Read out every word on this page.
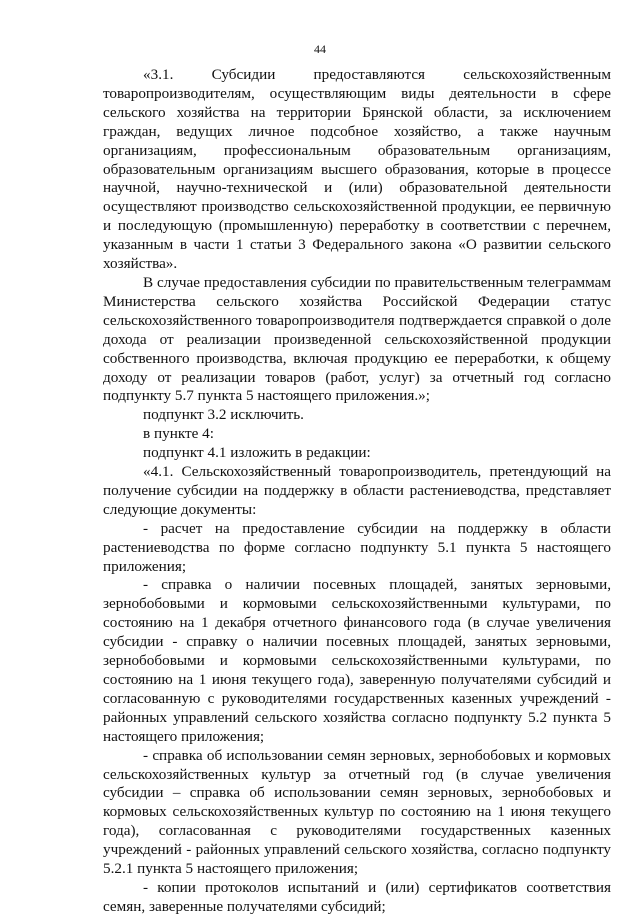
44

«3.1. Субсидии предоставляются сельскохозяйственным товаропроизводителям, осуществляющим виды деятельности в сфере сельского хозяйства на территории Брянской области, за исключением граждан, ведущих личное подсобное хозяйство, а также научным организациям, профессиональным образовательным организациям, образовательным организациям высшего образования, которые в процессе научной, научно-технической и (или) образовательной деятельности осуществляют производство сельскохозяйственной продукции, ее первичную и последующую (промышленную) переработку в соответствии с перечнем, указанным в части 1 статьи 3 Федерального закона «О развитии сельского хозяйства».

В случае предоставления субсидии по правительственным телеграммам Министерства сельского хозяйства Российской Федерации статус сельскохозяйственного товаропроизводителя подтверждается справкой о доле дохода от реализации произведенной сельскохозяйственной продукции собственного производства, включая продукцию ее переработки, к общему доходу от реализации товаров (работ, услуг) за отчетный год согласно подпункту 5.7 пункта 5 настоящего приложения.»;

подпункт 3.2 исключить.

в пункте 4:

подпункт 4.1 изложить в редакции:

«4.1. Сельскохозяйственный товаропроизводитель, претендующий на получение субсидии на поддержку в области растениеводства, представляет следующие документы:

- расчет на предоставление субсидии на поддержку в области растениеводства по форме согласно подпункту 5.1 пункта 5 настоящего приложения;

- справка о наличии посевных площадей, занятых зерновыми, зернобобовыми и кормовыми сельскохозяйственными культурами, по состоянию на 1 декабря отчетного финансового года (в случае увеличения субсидии - справку о наличии посевных площадей, занятых зерновыми, зернобобовыми и кормовыми сельскохозяйственными культурами, по состоянию на 1 июня текущего года), заверенную получателями субсидий и согласованную с руководителями государственных казенных учреждений - районных управлений сельского хозяйства согласно подпункту 5.2 пункта 5 настоящего приложения;

- справка об использовании семян зерновых, зернобобовых и кормовых сельскохозяйственных культур за отчетный год (в случае увеличения субсидии – справка об использовании семян зерновых, зернобобовых и кормовых сельскохозяйственных культур по состоянию на 1 июня текущего года), согласованная с руководителями государственных казенных учреждений - районных управлений сельского хозяйства, согласно подпункту 5.2.1 пункта 5 настоящего приложения;

- копии протоколов испытаний и (или) сертификатов соответствия семян, заверенные получателями субсидий;
